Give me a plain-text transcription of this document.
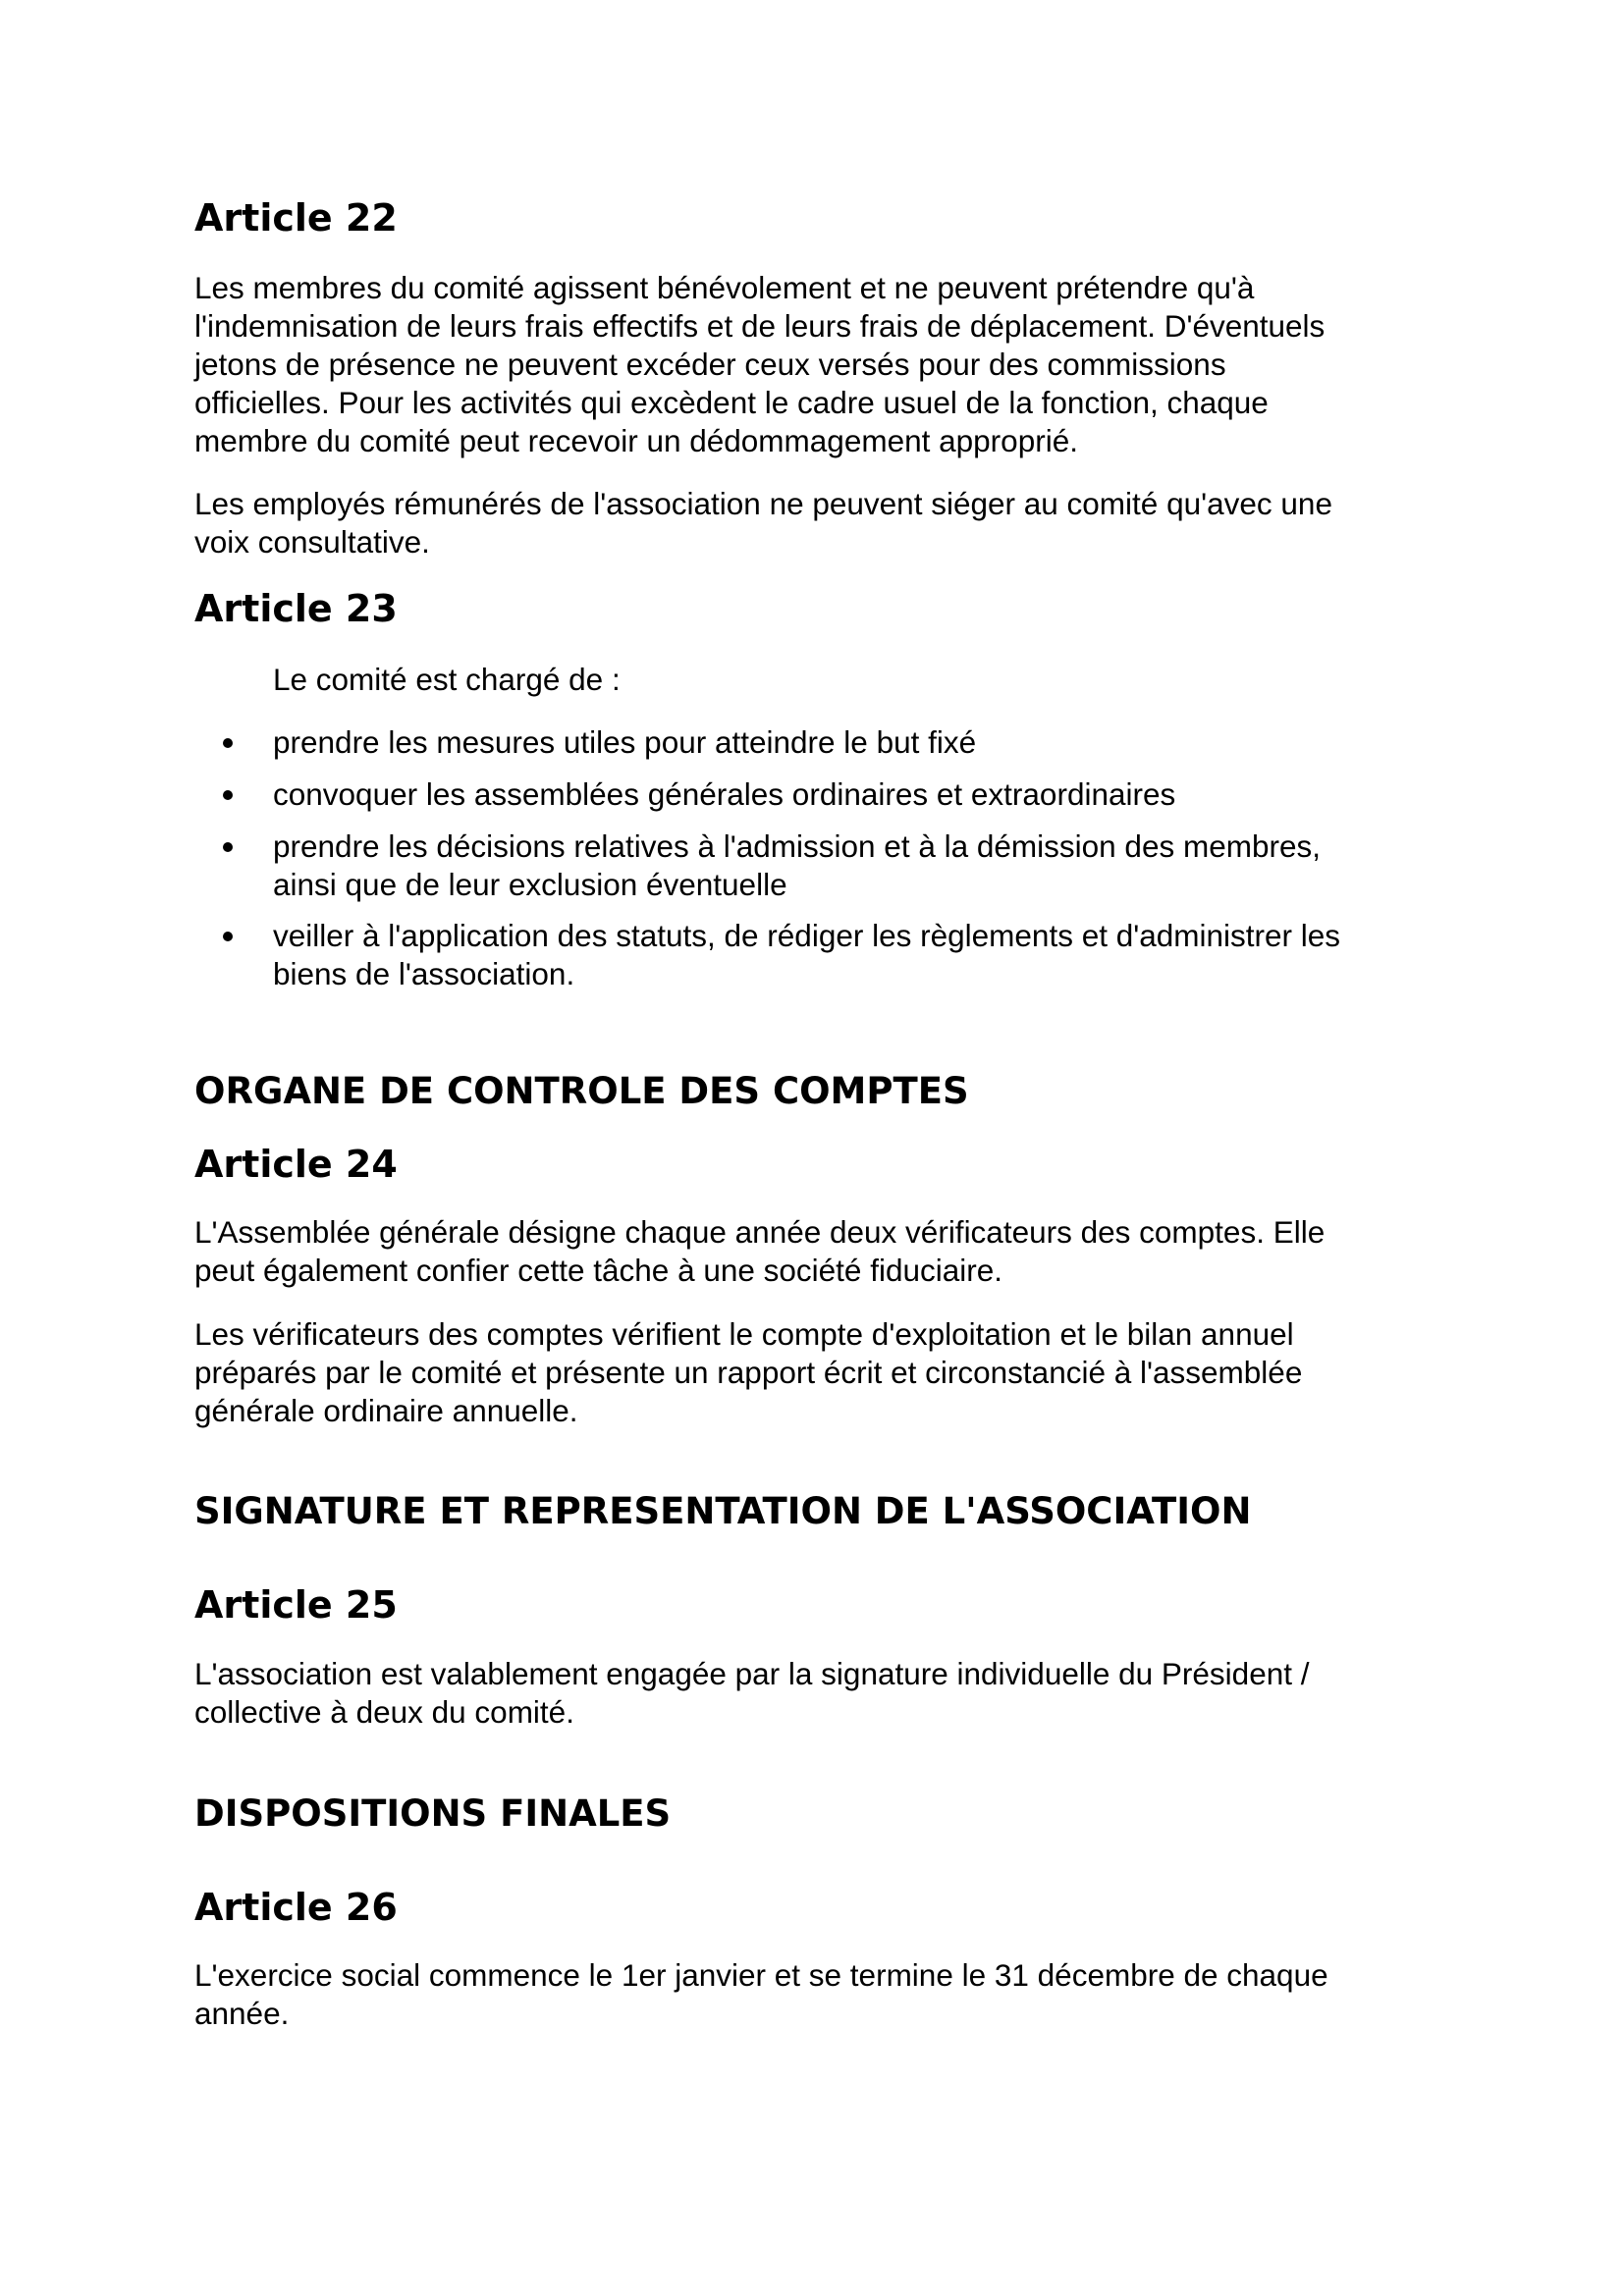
Article 22

Les membres du comité agissent bénévolement et ne peuvent prétendre qu'à
l'indemnisation de leurs frais effectifs et de leurs frais de déplacement. D'éventuels
jetons de présence ne peuvent excéder ceux versés pour des commissions
officielles. Pour les activités qui excèdent le cadre usuel de la fonction, chaque
membre du comité peut recevoir un dédommagement approprié.

Les employés rémunérés de l'association ne peuvent siéger au comité qu'avec une
voix consultative.

Article 23

Le comité est chargé de :

prendre les mesures utiles pour atteindre le but fixé
convoquer les assemblées générales ordinaires et extraordinaires
prendre les décisions relatives à l'admission et à la démission des membres,
ainsi que de leur exclusion éventuelle
veiller à l'application des statuts, de rédiger les règlements et d'administrer les
biens de l'association.
ORGANE DE CONTROLE DES COMPTES
Article 24

L'Assemblée générale désigne chaque année deux vérificateurs des comptes. Elle
peut également confier cette tâche à une société fiduciaire.

Les vérificateurs des comptes vérifient le compte d'exploitation et le bilan annuel
préparés par le comité et présente un rapport écrit et circonstancié à l'assemblée
générale ordinaire annuelle.

SIGNATURE ET REPRESENTATION DE L'ASSOCIATION
Article 25

L'association est valablement engagée par la signature individuelle du Président /
collective à deux du comité.

DISPOSITIONS FINALES
Article 26

L'exercice social commence le 1er janvier et se termine le 31 décembre de chaque
année.
